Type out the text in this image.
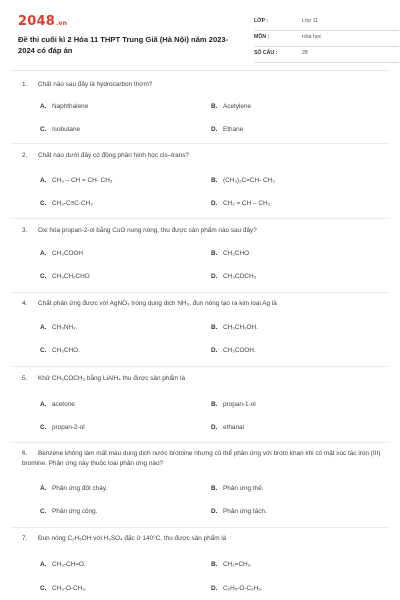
2048.vn
Đề thi cuối kì 2 Hóa 11 THPT Trung Giã (Hà Nội) năm 2023-2024 có đáp án
LỚP :	Lớp 11
MÔN :	Hóa học
SỐ CÂU :	28
1. Chất nào sau đây là hydrocarbon thơm?
A. Naphthalene	B. Acetylene
C. Isobutane	D. Ethane
2. Chất nào dưới đây có đồng phân hình học cis–trans?
A. CH₃ – CH = CH- CH₃	B. (CH₃)₂C=CH- CH₃
C. CH₃-C≡C-CH₃	D. CH₂ = CH – CH₃
3. Oxi hóa propan-2-ol bằng CuO nung nóng, thu được sản phẩm nào sau đây?
A. CH₃COOH	B. CH₃CHO
C. CH₃CH₂CHO	D. CH₃COCH₃
4. Chất phản ứng được với AgNO₃ trong dung dịch NH₃, đun nóng tạo ra kim loại Ag là
A. CH₃NH₂.	B. CH₃CH₂OH.
C. CH₃CHO.	D. CH₃COOH.
5. Khử CH₃COCH₃ bằng LiAlH₄ thu được sản phẩm là
A. acetone	B. propan-1-ol
C. propan-2-ol	D. ethanal
6. Benzene không làm mất màu dung dịch nước bromine nhưng có thể phản ứng với brom khan khi có mặt xúc tác iron (III) bromine. Phản ứng này thuộc loại phản ứng nào?
A. Phản ứng đốt cháy.	B. Phản ứng thế.
C. Phản ứng cộng.	D. Phản ứng tách.
7. Đun nóng C₂H₅OH với H₂SO₄ đặc ở 140°C, thu được sản phẩm là
A. CH₃-CH=O.	B. CH₂=CH₂.
C. CH₃-O-CH₃.	D. C₂H₅-O-C₂H₅.
